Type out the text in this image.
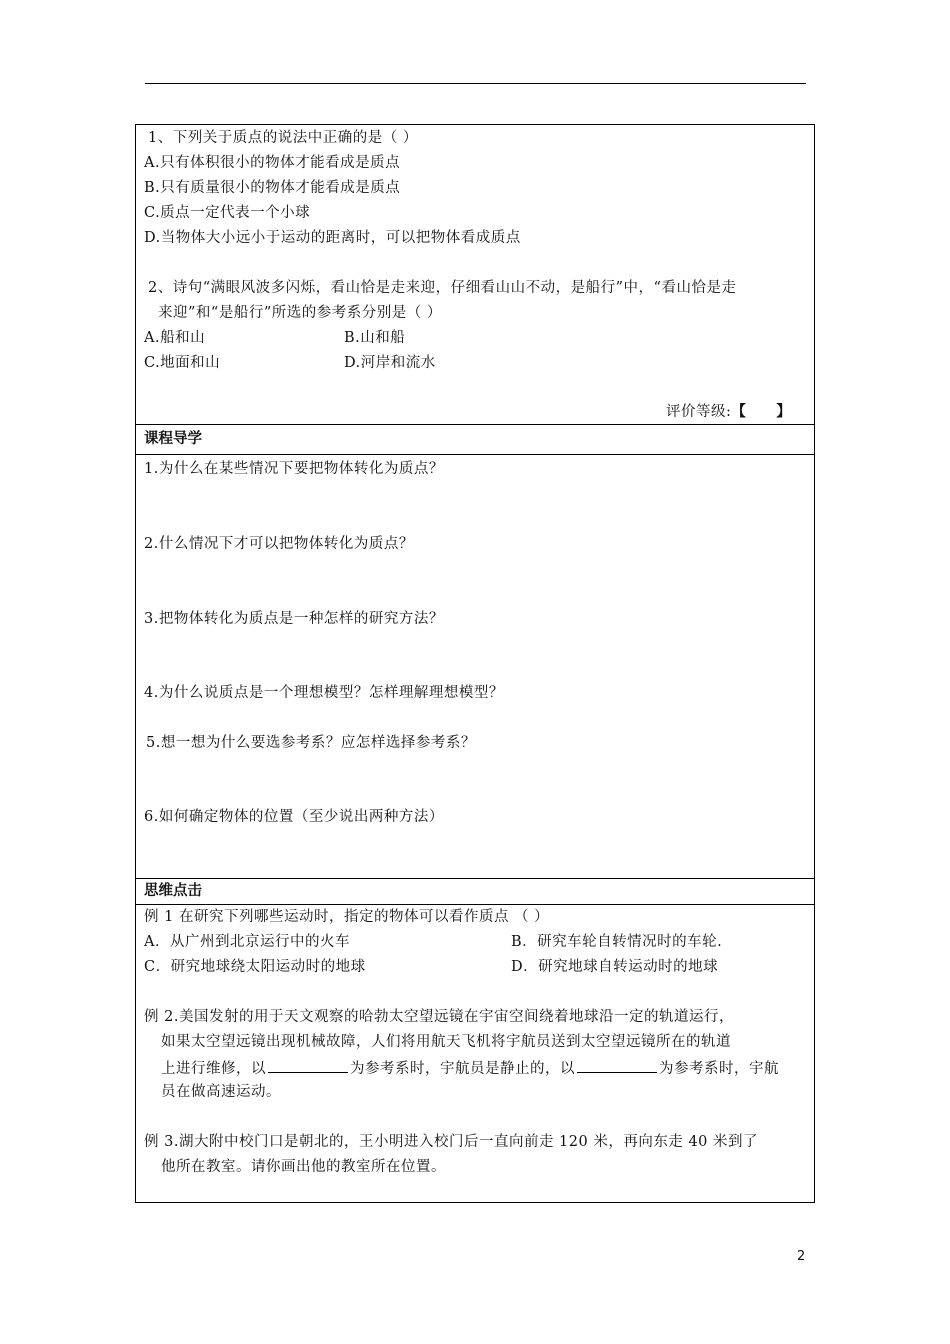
1、下列关于质点的说法中正确的是（ ）
A.只有体积很小的物体才能看成是质点
B.只有质量很小的物体才能看成是质点
C.质点一定代表一个小球
D.当物体大小远小于运动的距离时，可以把物体看成质点
2、诗句“满眼风波多闪烁，看山恰是走来迎，仔细看山山不动，是船行”中，“看山恰是走
来迎”和“是船行”所选的参考系分别是（ ）
A.船和山	B.山和船
C.地面和山	D.河岸和流水
评价等级:【 】
课程导学
1.为什么在某些情况下要把物体转化为质点？
2.什么情况下才可以把物体转化为质点？
3.把物体转化为质点是一种怎样的研究方法？
4.为什么说质点是一个理想模型？怎样理解理想模型？
5.想一想为什么要选参考系？应怎样选择参考系？
6.如何确定物体的位置（至少说出两种方法）
思维点击
例 1 在研究下列哪些运动时，指定的物体可以看作质点 （ ）
A．从广州到北京运行中的火车	B．研究车轮自转情况时的车轮.
C．研究地球绕太阳运动时的地球	D．研究地球自转运动时的地球
例 2.美国发射的用于天文观察的哈勃太空望远镜在宇宙空间绕着地球沿一定的轨道运行，
如果太空望远镜出现机械故障，人们将用航天飞机将宇航员送到太空望远镜所在的轨道
上进行维修，以	为参考系时，宇航员是静止的，以	为参考系时，宇航
员在做高速运动。
例 3.湖大附中校门口是朝北的，王小明进入校门后一直向前走 120 米，再向东走 40 米到了
他所在教室。请你画出他的教室所在位置。
2
